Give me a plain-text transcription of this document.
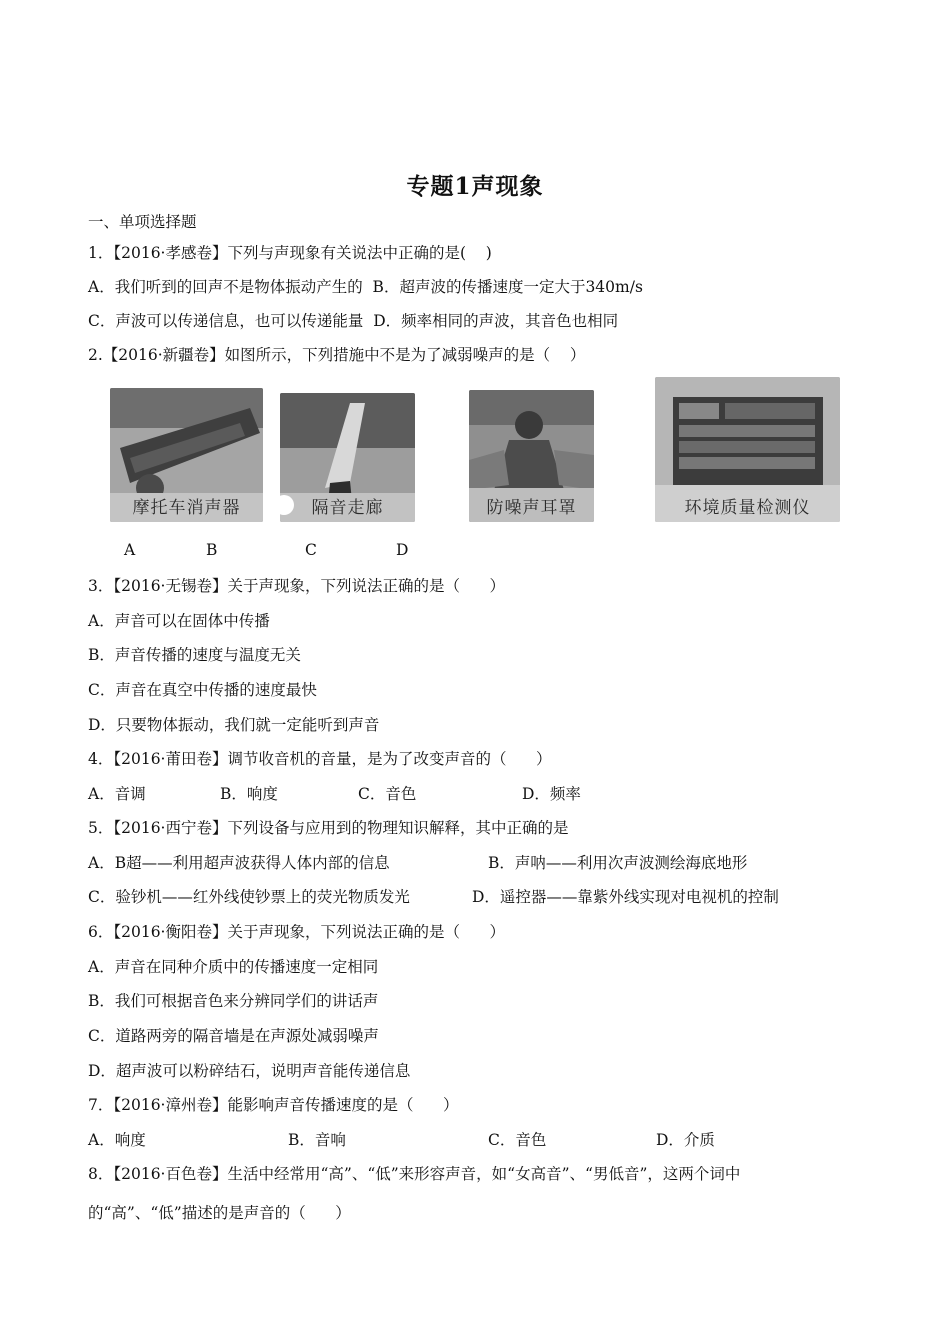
专题1声现象
一、单项选择题
1．【2016·孝感卷】下列与声现象有关说法中正确的是(    )
A．我们听到的回声不是物体振动产生的  B．超声波的传播速度一定大于340m/s
C．声波可以传递信息，也可以传递能量  D．频率相同的声波，其音色也相同
2.【2016·新疆卷】如图所示，下列措施中不是为了减弱噪声的是（    ）
摩托车消声器	隔音走廊	防噪声耳罩	环境质量检测仪
A	B	C	D
3．【2016·无锡卷】关于声现象，下列说法正确的是（      ）
A．声音可以在固体中传播
B．声音传播的速度与温度无关
C．声音在真空中传播的速度最快
D．只要物体振动，我们就一定能听到声音
4．【2016·莆田卷】调节收音机的音量，是为了改变声音的（      ）
A．音调	B．响度	C．音色	D．频率
5．【2016·西宁卷】下列设备与应用到的物理知识解释，其中正确的是
A．B超——利用超声波获得人体内部的信息	B．声呐——利用次声波测绘海底地形
C．验钞机——红外线使钞票上的荧光物质发光	D．遥控器——靠紫外线实现对电视机的控制
6．【2016·衡阳卷】关于声现象，下列说法正确的是（      ）
A．声音在同种介质中的传播速度一定相同
B．我们可根据音色来分辨同学们的讲话声
C．道路两旁的隔音墙是在声源处减弱噪声
D．超声波可以粉碎结石，说明声音能传递信息
7．【2016·漳州卷】能影响声音传播速度的是（      ）
A．响度	B．音响	C．音色	D．介质
8．【2016·百色卷】生活中经常用“高”、“低”来形容声音，如“女高音”、“男低音”，这两个词中
的“高”、“低”描述的是声音的（      ）
